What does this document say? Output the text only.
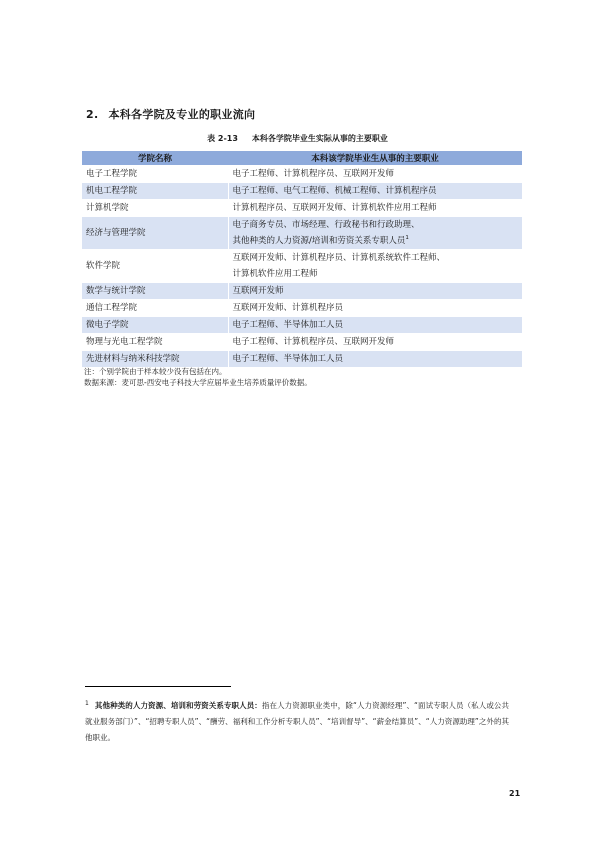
2. 本科各学院及专业的职业流向
表 2-13 本科各学院毕业生实际从事的主要职业
学院名称	本科该学院毕业生从事的主要职业
电子工程学院	电子工程师、计算机程序员、互联网开发师

机电工程学院	电子工程师、电气工程师、机械工程师、计算机程序员

计算机学院	计算机程序员、互联网开发师、计算机软件应用工程师

经济与管理学院	电子商务专员、市场经理、行政秘书和行政助理、
其他种类的人力资源/培训和劳资关系专职人员$^1$

软件学院	互联网开发师、计算机程序员、计算机系统软件工程师、
计算机软件应用工程师

数学与统计学院	互联网开发师

通信工程学院	互联网开发师、计算机程序员

微电子学院	电子工程师、半导体加工人员

物理与光电工程学院	电子工程师、计算机程序员、互联网开发师

先进材料与纳米科技学院	电子工程师、半导体加工人员
注：个别学院由于样本较少没有包括在内。
数据来源：麦可思-西安电子科技大学应届毕业生培养质量评价数据。
$^1$ 其他种类的人力资源、培训和劳资关系专职人员：指在人力资源职业类中，除“人力资源经理”、“面试专职人员（私人或公共就业服务部门）”、“招聘专职人员”、“酬劳、福利和工作分析专职人员”、“培训督导”、“薪金结算员”、“人力资源助理”之外的其他职业。
21
